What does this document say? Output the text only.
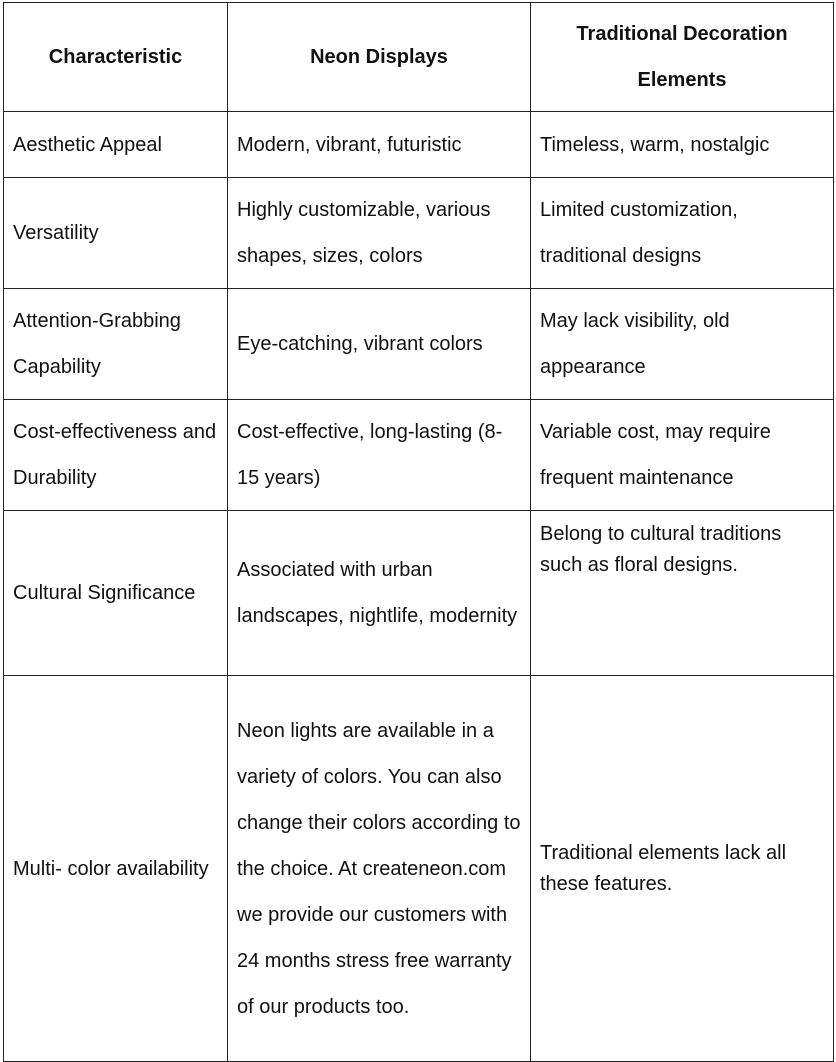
Characteristic	Neon Displays	Traditional Decoration Elements
Aesthetic Appeal	Modern, vibrant, futuristic	Timeless, warm, nostalgic
Versatility	Highly customizable, various shapes, sizes, colors	Limited customization, traditional designs
Attention-Grabbing Capability	Eye-catching, vibrant colors	May lack visibility, old appearance
Cost-effectiveness and Durability	Cost-effective, long-lasting (8-15 years)	Variable cost, may require frequent maintenance
Cultural Significance	Associated with urban landscapes, nightlife, modernity	Belong to cultural traditions such as floral designs.
Multi- color availability	Neon lights are available in a variety of colors. You can also change their colors according to the choice. At createneon.com we provide our customers with 24 months stress free warranty of our products too.	Traditional elements lack all these features.
